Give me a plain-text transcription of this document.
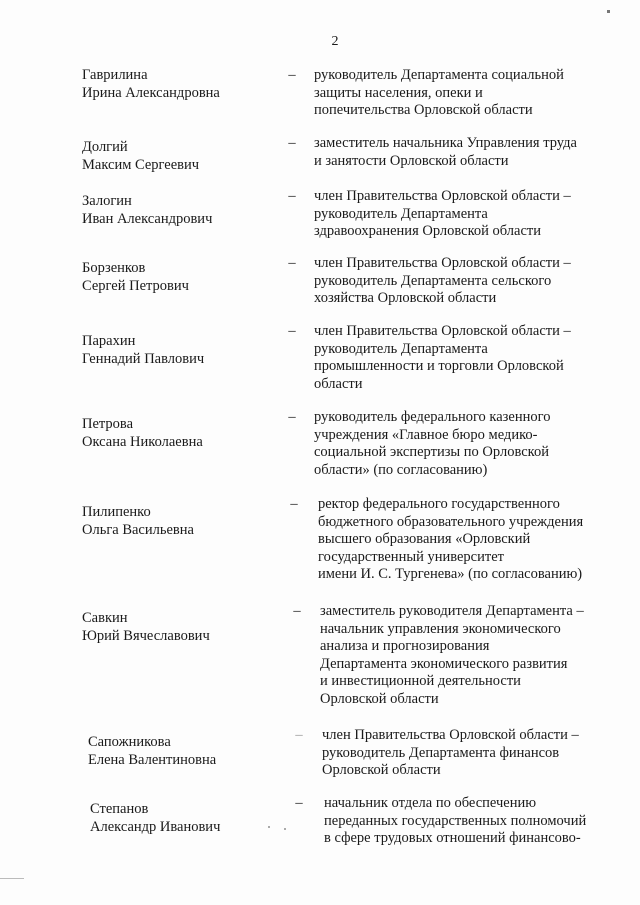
2
Гаврилина
Ирина Александровна
– руководитель Департамента социальной
защиты населения, опеки и
попечительства Орловской области
Долгий
Максим Сергеевич
– заместитель начальника Управления труда
и занятости Орловской области
Залогин
Иван Александрович
– член Правительства Орловской области –
руководитель Департамента
здравоохранения Орловской области
Борзенков
Сергей Петрович
– член Правительства Орловской области –
руководитель Департамента сельского
хозяйства Орловской области
Парахин
Геннадий Павлович
– член Правительства Орловской области –
руководитель Департамента
промышленности и торговли Орловской
области
Петрова
Оксана Николаевна
– руководитель федерального казенного
учреждения «Главное бюро медико-
социальной экспертизы по Орловской
области» (по согласованию)
Пилипенко
Ольга Васильевна
– ректор федерального государственного
бюджетного образовательного учреждения
высшего образования «Орловский
государственный университет
имени И. С. Тургенева» (по согласованию)
Савкин
Юрий Вячеславович
– заместитель руководителя Департамента –
начальник управления экономического
анализа и прогнозирования
Департамента экономического развития
и инвестиционной деятельности
Орловской области
Сапожникова
Елена Валентиновна
– член Правительства Орловской области –
руководитель Департамента финансов
Орловской области
Степанов
Александр Иванович
– начальник отдела по обеспечению
переданных государственных полномочий
в сфере трудовых отношений финансово-
